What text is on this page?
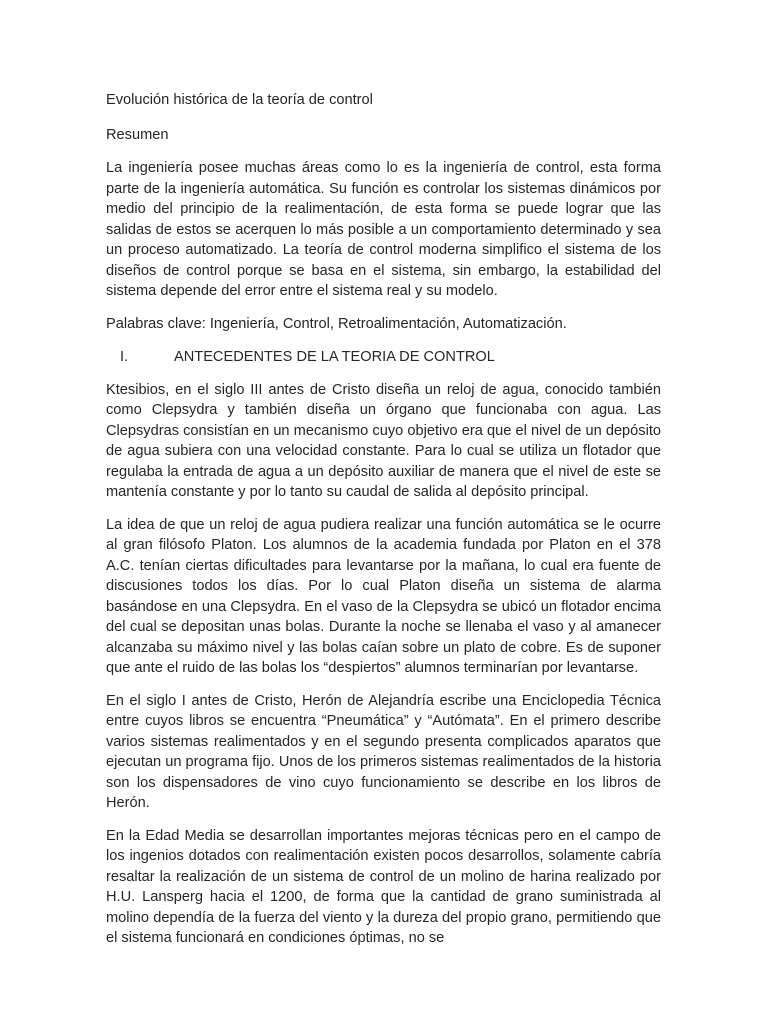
Evolución histórica de la teoría de control

Resumen

La ingeniería posee muchas áreas como lo es la ingeniería de control, esta forma parte de la ingeniería automática. Su función es controlar los sistemas dinámicos por medio del principio de la realimentación, de esta forma se puede lograr que las salidas de estos se acerquen lo más posible a un comportamiento determinado y sea un proceso automatizado. La teoría de control moderna simplifico el sistema de los diseños de control porque se basa en el sistema, sin embargo, la estabilidad del sistema depende del error entre el sistema real y su modelo.

Palabras clave: Ingeniería, Control, Retroalimentación, Automatización.

I.	ANTECEDENTES DE LA TEORIA DE CONTROL

Ktesibios, en el siglo III antes de Cristo diseña un reloj de agua, conocido también como Clepsydra y también diseña un órgano que funcionaba con agua. Las Clepsydras consistían en un mecanismo cuyo objetivo era que el nivel de un depósito de agua subiera con una velocidad constante. Para lo cual se utiliza un flotador que regulaba la entrada de agua a un depósito auxiliar de manera que el nivel de este se mantenía constante y por lo tanto su caudal de salida al depósito principal.

La idea de que un reloj de agua pudiera realizar una función automática se le ocurre al gran filósofo Platon. Los alumnos de la academia fundada por Platon en el 378 A.C. tenían ciertas dificultades para levantarse por la mañana, lo cual era fuente de discusiones todos los días. Por lo cual Platon diseña un sistema de alarma basándose en una Clepsydra. En el vaso de la Clepsydra se ubicó un flotador encima del cual se depositan unas bolas. Durante la noche se llenaba el vaso y al amanecer alcanzaba su máximo nivel y las bolas caían sobre un plato de cobre. Es de suponer que ante el ruido de las bolas los “despiertos” alumnos terminarían por levantarse.

En el siglo I antes de Cristo, Herón de Alejandría escribe una Enciclopedia Técnica entre cuyos libros se encuentra “Pneumática” y “Autómata”. En el primero describe varios sistemas realimentados y en el segundo presenta complicados aparatos que ejecutan un programa fijo. Unos de los primeros sistemas realimentados de la historia son los dispensadores de vino cuyo funcionamiento se describe en los libros de Herón.

En la Edad Media se desarrollan importantes mejoras técnicas pero en el campo de los ingenios dotados con realimentación existen pocos desarrollos, solamente cabría resaltar la realización de un sistema de control de un molino de harina realizado por H.U. Lansperg hacia el 1200, de forma que la cantidad de grano suministrada al molino dependía de la fuerza del viento y la dureza del propio grano, permitiendo que el sistema funcionará en condiciones óptimas, no se
